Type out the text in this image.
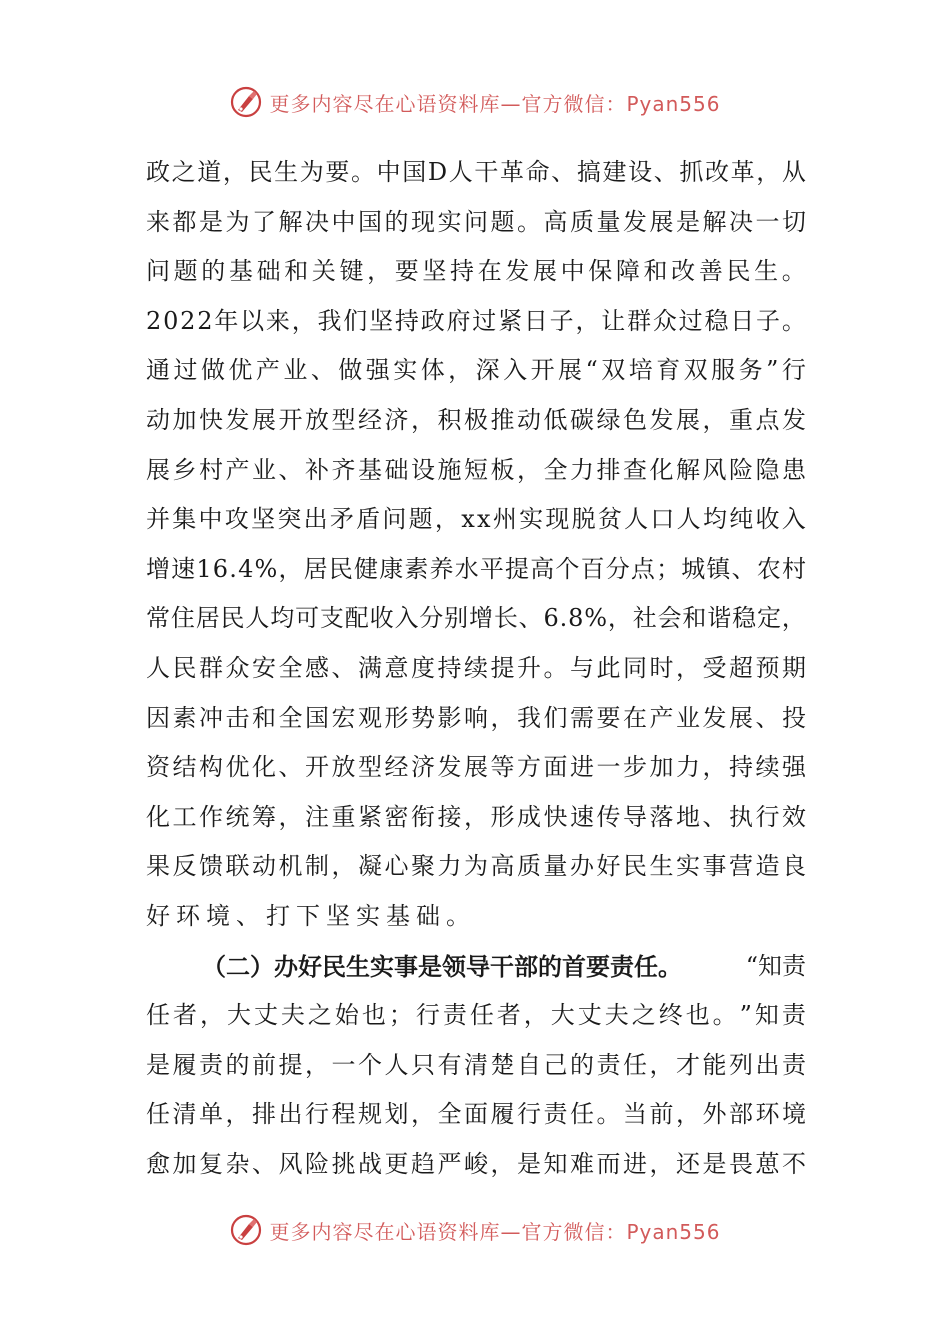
更多内容尽在心语资料库—官方微信：Pyan556
政 之 道 ， 民 生 为 要 。 中 国 D 人 干 革 命 、 搞 建 设 、 抓 改 革 ， 从
来 都 是 为 了 解 决 中 国 的 现 实 问 题 。 高 质 量 发 展 是 解 决 一 切
问 题 的 基 础 和 关 键 ， 要 坚 持 在 发 展 中 保 障 和 改 善 民 生 。
2 0 2 2 年 以 来 ， 我 们 坚 持 政 府 过 紧 日 子 ， 让 群 众 过 稳 日 子 。
通 过 做 优 产 业 、 做 强 实 体 ， 深 入 开 展 “ 双 培 育 双 服 务 ” 行
动 加 快 发 展 开 放 型 经 济 ， 积 极 推 动 低 碳 绿 色 发 展 ， 重 点 发
展 乡 村 产 业 、 补 齐 基 础 设 施 短 板 ， 全 力 排 查 化 解 风 险 隐 患
并 集 中 攻 坚 突 出 矛 盾 问 题 ， x x 州 实 现 脱 贫 人 口 人 均 纯 收 入
增 速 1 6 . 4 % ， 居 民 健 康 素 养 水 平 提 高 个 百 分 点 ； 城 镇 、 农 村
常 住 居 民 人 均 可 支 配 收 入 分 别 增 长 、 6 . 8 % ， 社 会 和 谐 稳 定 ，
人 民 群 众 安 全 感 、 满 意 度 持 续 提 升 。 与 此 同 时 ， 受 超 预 期
因 素 冲 击 和 全 国 宏 观 形 势 影 响 ， 我 们 需 要 在 产 业 发 展 、 投
资 结 构 优 化 、 开 放 型 经 济 发 展 等 方 面 进 一 步 加 力 ， 持 续 强
化 工 作 统 筹 ， 注 重 紧 密 衔 接 ， 形 成 快 速 传 导 落 地 、 执 行 效
果 反 馈 联 动 机 制 ， 凝 心 聚 力 为 高 质 量 办 好 民 生 实 事 营 造 良
好环境、打下坚实基础。
（二）办好民生实事是领导干部的首要责任。	“知责
任 者 ， 大 丈 夫 之 始 也 ； 行 责 任 者 ， 大 丈 夫 之 终 也 。 ” 知 责
是 履 责 的 前 提 ， 一 个 人 只 有 清 楚 自 己 的 责 任 ， 才 能 列 出 责
任 清 单 ， 排 出 行 程 规 划 ， 全 面 履 行 责 任 。 当 前 ， 外 部 环 境
愈 加 复 杂 、 风 险 挑 战 更 趋 严 峻 ， 是 知 难 而 进 ， 还 是 畏 葸 不
更多内容尽在心语资料库—官方微信：Pyan556
